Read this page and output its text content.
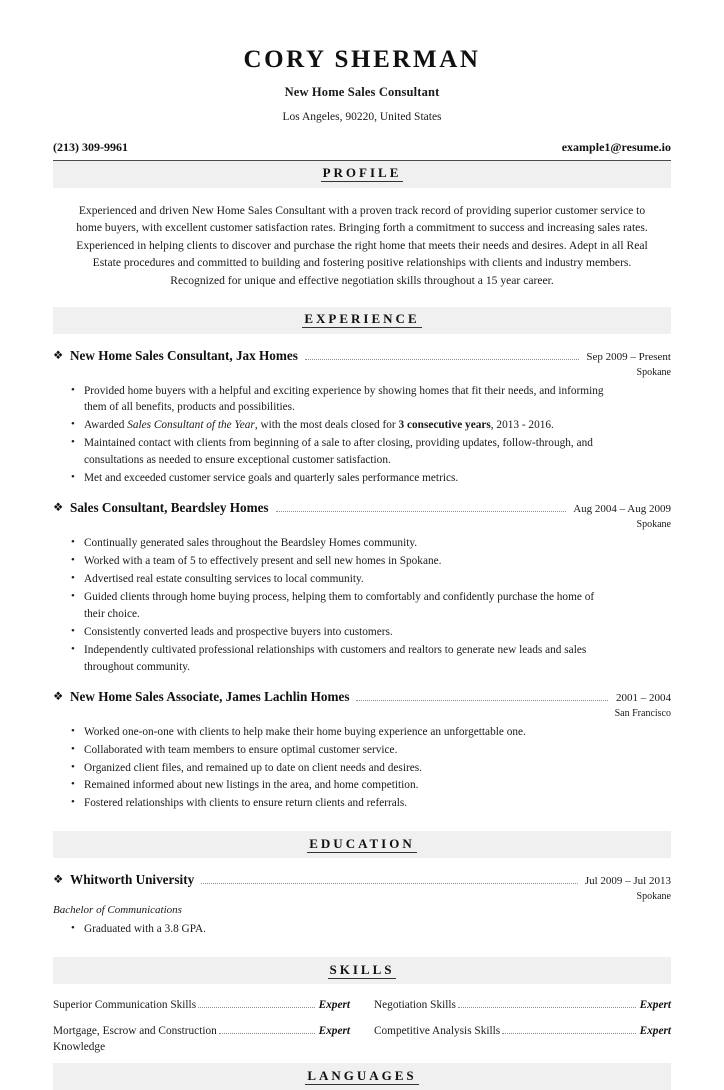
CORY SHERMAN
New Home Sales Consultant
Los Angeles, 90220, United States
(213) 309-9961	example1@resume.io
PROFILE
Experienced and driven New Home Sales Consultant with a proven track record of providing superior customer service to home buyers, with excellent customer satisfaction rates. Bringing forth a commitment to success and increasing sales rates. Experienced in helping clients to discover and purchase the right home that meets their needs and desires. Adept in all Real Estate procedures and committed to building and fostering positive relationships with clients and industry members. Recognized for unique and effective negotiation skills throughout a 15 year career.
EXPERIENCE
❖ New Home Sales Consultant, Jax Homes	Sep 2009 – Present
Spokane
• Provided home buyers with a helpful and exciting experience by showing homes that fit their needs, and informing them of all benefits, products and possibilities.
• Awarded Sales Consultant of the Year, with the most deals closed for 3 consecutive years, 2013 - 2016.
• Maintained contact with clients from beginning of a sale to after closing, providing updates, follow-through, and consultations as needed to ensure exceptional customer satisfaction.
• Met and exceeded customer service goals and quarterly sales performance metrics.
❖ Sales Consultant, Beardsley Homes	Aug 2004 – Aug 2009
Spokane
• Continually generated sales throughout the Beardsley Homes community.
• Worked with a team of 5 to effectively present and sell new homes in Spokane.
• Advertised real estate consulting services to local community.
• Guided clients through home buying process, helping them to comfortably and confidently purchase the home of their choice.
• Consistently converted leads and prospective buyers into customers.
• Independently cultivated professional relationships with customers and realtors to generate new leads and sales throughout community.
❖ New Home Sales Associate, James Lachlin Homes	2001 – 2004
San Francisco
• Worked one-on-one with clients to help make their home buying experience an unforgettable one.
• Collaborated with team members to ensure optimal customer service.
• Organized client files, and remained up to date on client needs and desires.
• Remained informed about new listings in the area, and home competition.
• Fostered relationships with clients to ensure return clients and referrals.
EDUCATION
❖ Whitworth University	Jul 2009 – Jul 2013
Spokane
Bachelor of Communications
• Graduated with a 3.8 GPA.
SKILLS
Superior Communication Skills	Expert
Mortgage, Escrow and Construction	Expert
Knowledge
Negotiation Skills	Expert
Competitive Analysis Skills	Expert
LANGUAGES
